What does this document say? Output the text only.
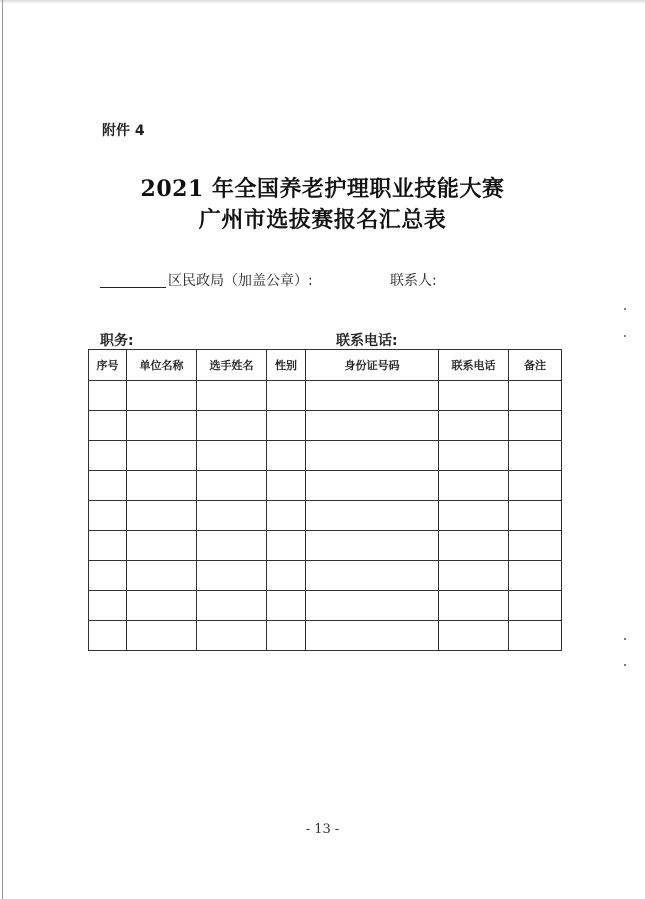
附件 4
2021 年全国养老护理职业技能大赛
广州市选拔赛报名汇总表
区民政局（加盖公章）:	联系人:
职务:	联系电话:
序号	单位名称	选手姓名	性别	身份证号码	联系电话	备注

- 13 -
